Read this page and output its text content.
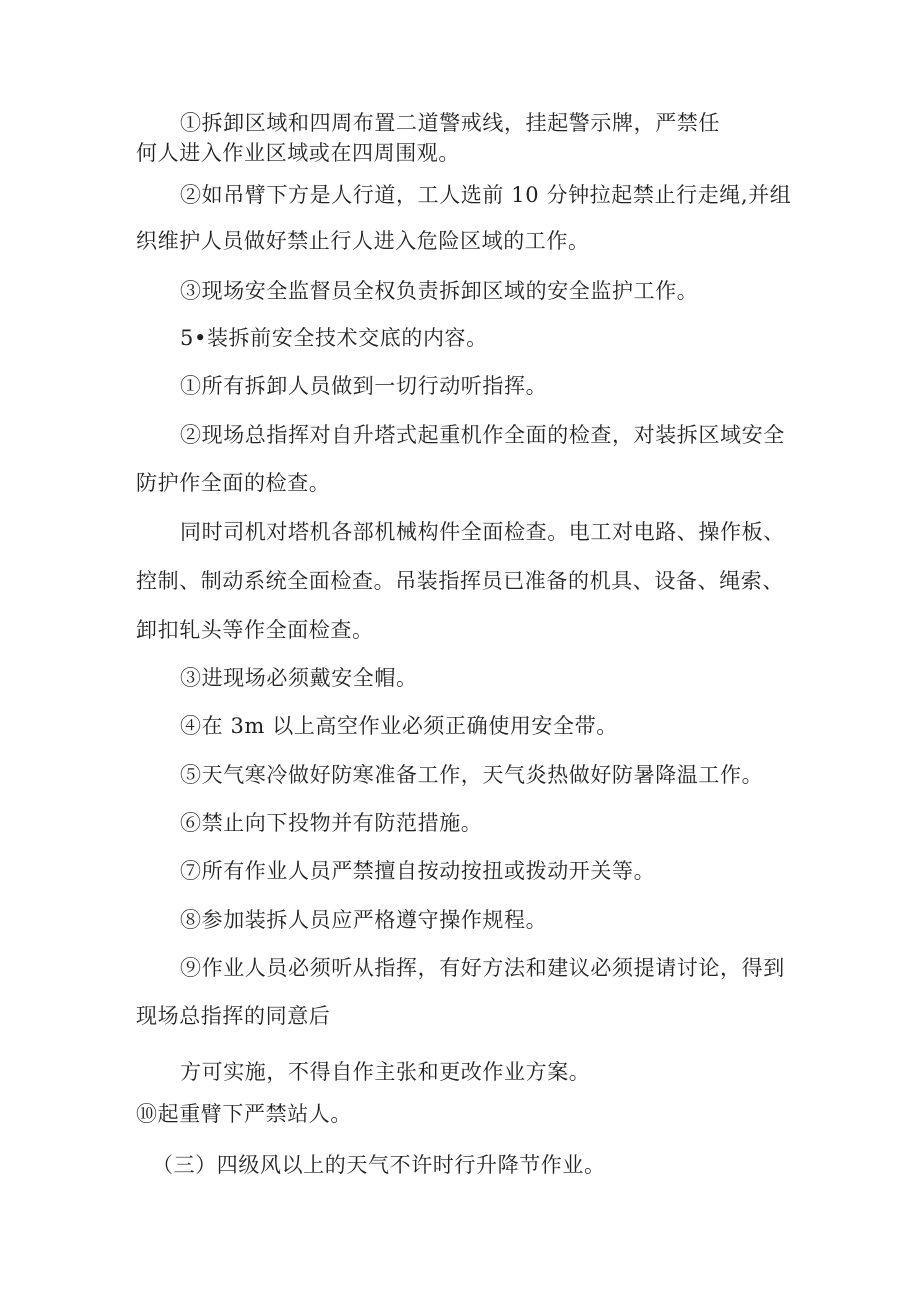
①拆卸区域和四周布置二道警戒线，挂起警示牌，严禁任
何人进入作业区域或在四周围观。
②如吊臂下方是人行道，工人选前 10 分钟拉起禁止行走绳,并组
织维护人员做好禁止行人进入危险区域的工作。
③现场安全监督员全权负责拆卸区域的安全监护工作。
5•装拆前安全技术交底的内容。
①所有拆卸人员做到一切行动听指挥。
②现场总指挥对自升塔式起重机作全面的检查，对装拆区域安全
防护作全面的检查。
同时司机对塔机各部机械构件全面检查。电工对电路、操作板、
控制、制动系统全面检查。吊装指挥员已准备的机具、设备、绳索、
卸扣轧头等作全面检查。
③进现场必须戴安全帽。
④在 3m 以上高空作业必须正确使用安全带。
⑤天气寒冷做好防寒准备工作，天气炎热做好防暑降温工作。
⑥禁止向下投物并有防范措施。
⑦所有作业人员严禁擅自按动按扭或拨动开关等。
⑧参加装拆人员应严格遵守操作规程。
⑨作业人员必须听从指挥，有好方法和建议必须提请讨论，得到
现场总指挥的同意后
方可实施，不得自作主张和更改作业方案。
⑩起重臂下严禁站人。
（三）四级风以上的天气不许时行升降节作业。
